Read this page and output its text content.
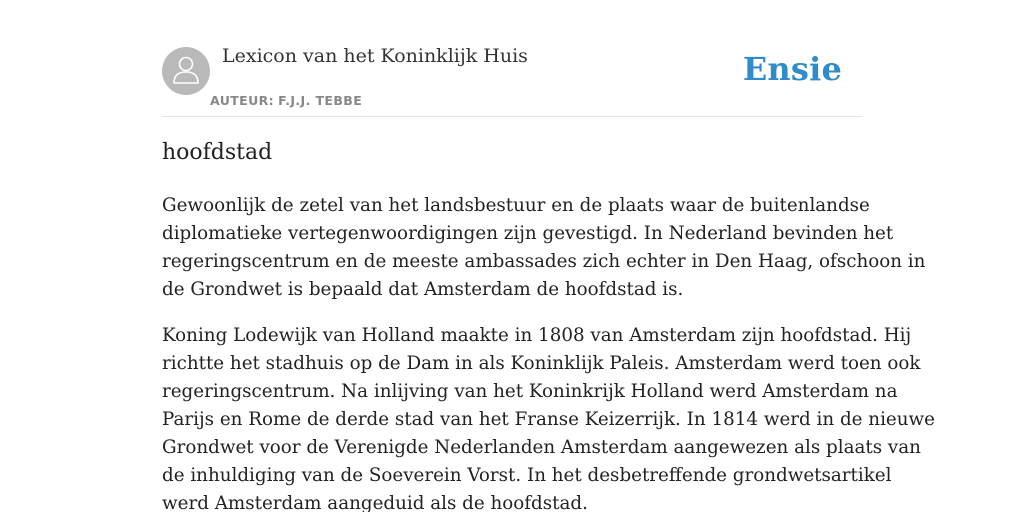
Lexicon van het Koninklijk Huis
AUTEUR: F.J.J. TEBBE
Ensie
hoofdstad

Gewoonlijk de zetel van het landsbestuur en de plaats waar de buitenlandse
diplomatieke vertegenwoordigingen zijn gevestigd. In Nederland bevinden het
regeringscentrum en de meeste ambassades zich echter in Den Haag, ofschoon in
de Grondwet is bepaald dat Amsterdam de hoofdstad is.

Koning Lodewijk van Holland maakte in 1808 van Amsterdam zijn hoofdstad. Hij
richtte het stadhuis op de Dam in als Koninklijk Paleis. Amsterdam werd toen ook
regeringscentrum. Na inlijving van het Koninkrijk Holland werd Amsterdam na
Parijs en Rome de derde stad van het Franse Keizerrijk. In 1814 werd in de nieuwe
Grondwet voor de Verenigde Nederlanden Amsterdam aangewezen als plaats van
de inhuldiging van de Soeverein Vorst. In het desbetreffende grondwetsartikel
werd Amsterdam aangeduid als de hoofdstad.
